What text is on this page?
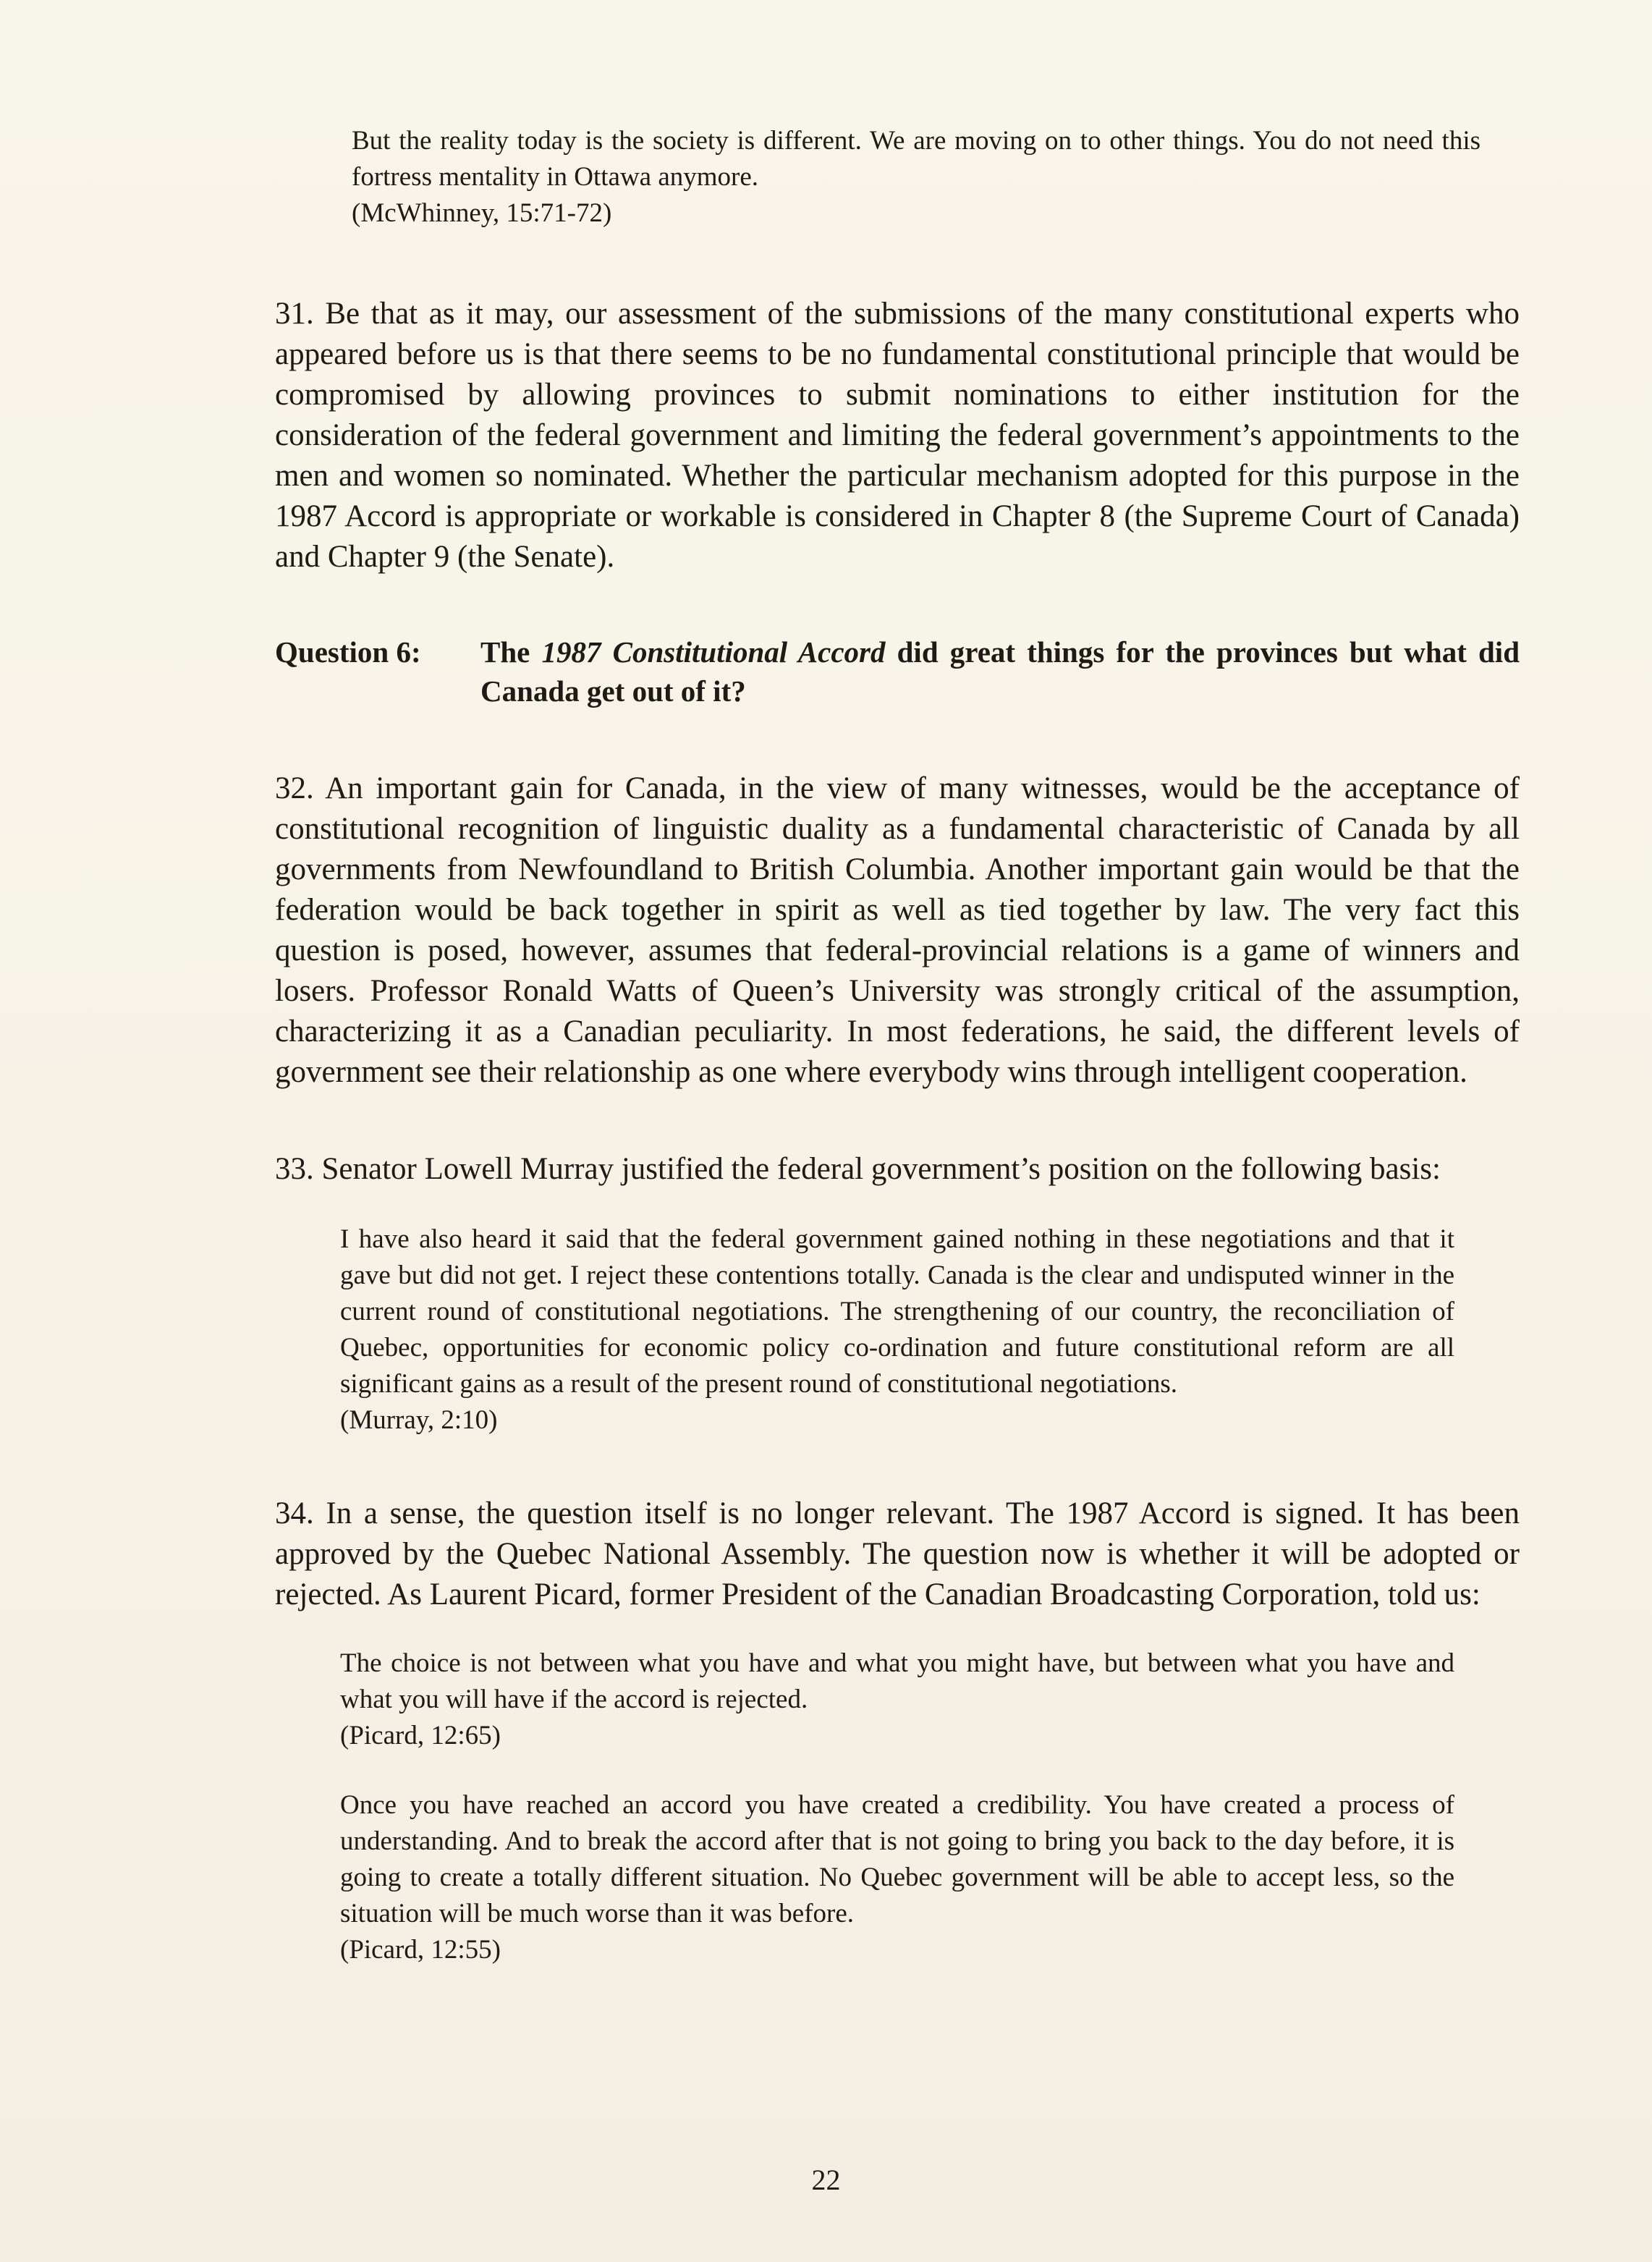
But the reality today is the society is different. We are moving on to other things. You do not need this fortress mentality in Ottawa anymore.

(McWhinney, 15:71-72)

31. Be that as it may, our assessment of the submissions of the many constitutional experts who appeared before us is that there seems to be no fundamental constitutional principle that would be compromised by allowing provinces to submit nominations to either institution for the consideration of the federal government and limiting the federal government’s appointments to the men and women so nominated. Whether the particular mechanism adopted for this purpose in the 1987 Accord is appropriate or workable is considered in Chapter 8 (the Supreme Court of Canada) and Chapter 9 (the Senate).

Question 6:	The 1987 Constitutional Accord did great things for the provinces but what did Canada get out of it?

32. An important gain for Canada, in the view of many witnesses, would be the acceptance of constitutional recognition of linguistic duality as a fundamental characteristic of Canada by all governments from Newfoundland to British Columbia. Another important gain would be that the federation would be back together in spirit as well as tied together by law. The very fact this question is posed, however, assumes that federal-provincial relations is a game of winners and losers. Professor Ronald Watts of Queen’s University was strongly critical of the assumption, characterizing it as a Canadian peculiarity. In most federations, he said, the different levels of government see their relationship as one where everybody wins through intelligent cooperation.

33. Senator Lowell Murray justified the federal government’s position on the following basis:

I have also heard it said that the federal government gained nothing in these negotiations and that it gave but did not get. I reject these contentions totally. Canada is the clear and undisputed winner in the current round of constitutional negotiations. The strengthening of our country, the reconciliation of Quebec, opportunities for economic policy co-ordination and future constitutional reform are all significant gains as a result of the present round of constitutional negotiations.

(Murray, 2:10)

34. In a sense, the question itself is no longer relevant. The 1987 Accord is signed. It has been approved by the Quebec National Assembly. The question now is whether it will be adopted or rejected. As Laurent Picard, former President of the Canadian Broadcasting Corporation, told us:

The choice is not between what you have and what you might have, but between what you have and what you will have if the accord is rejected.

(Picard, 12:65)

Once you have reached an accord you have created a credibility. You have created a process of understanding. And to break the accord after that is not going to bring you back to the day before, it is going to create a totally different situation. No Quebec government will be able to accept less, so the situation will be much worse than it was before.

(Picard, 12:55)

22
